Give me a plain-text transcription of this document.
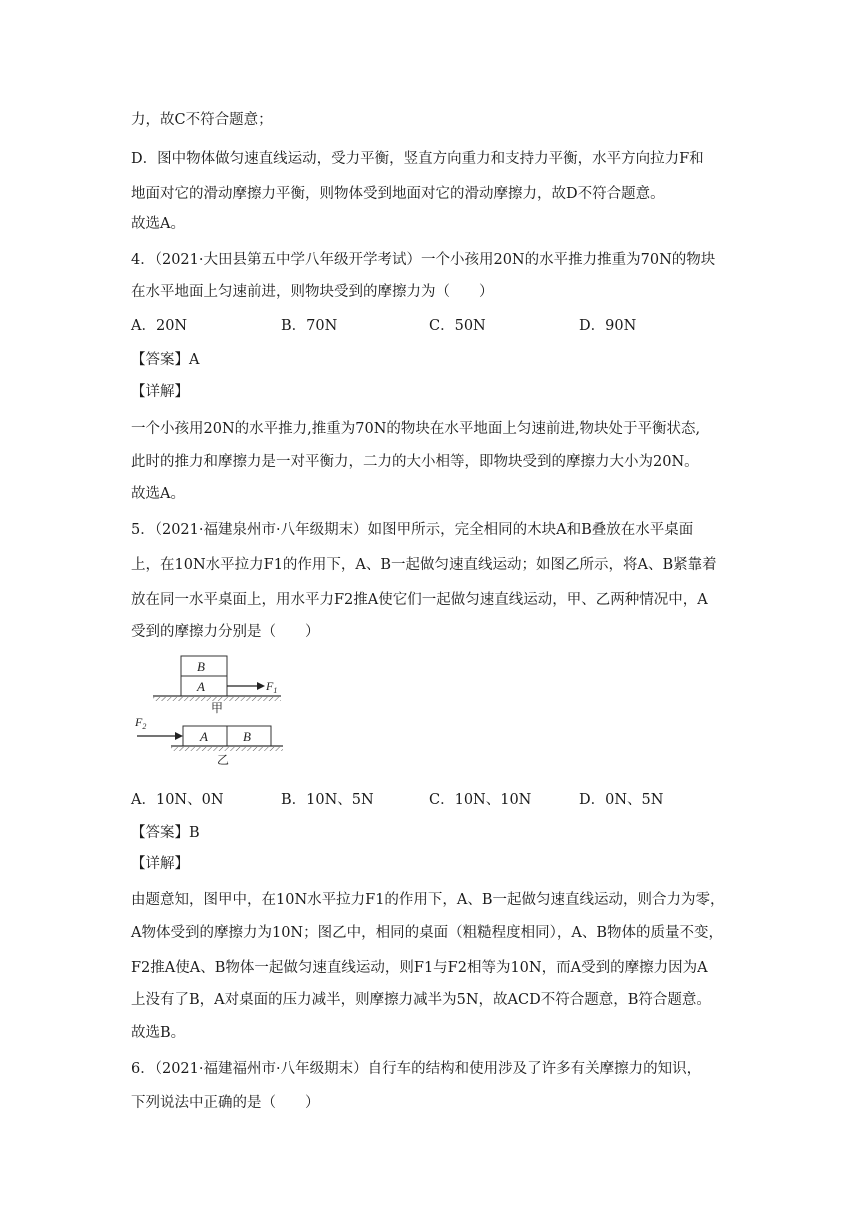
力，故C不符合题意；
D．图中物体做匀速直线运动，受力平衡，竖直方向重力和支持力平衡，水平方向拉力F和
地面对它的滑动摩擦力平衡，则物体受到地面对它的滑动摩擦力，故D不符合题意。
故选A。
4．（2021·大田县第五中学八年级开学考试）一个小孩用20N的水平推力推重为70N的物块
在水平地面上匀速前进，则物块受到的摩擦力为（　　）
A．20N	B．70N	C．50N	D．90N
【答案】A
【详解】
一个小孩用20N的水平推力,推重为70N的物块在水平地面上匀速前进,物块处于平衡状态,
此时的推力和摩擦力是一对平衡力，二力的大小相等，即物块受到的摩擦力大小为20N。
故选A。
5．（2021·福建泉州市·八年级期末）如图甲所示，完全相同的木块A和B叠放在水平桌面
上，在10N水平拉力F1的作用下，A、B一起做匀速直线运动；如图乙所示，将A、B紧靠着
放在同一水平桌面上，用水平力F2推A使它们一起做匀速直线运动，甲、乙两种情况中，A
受到的摩擦力分别是（　　）
B
A	$F_1$
甲
$F_2$
A	B
乙
A．10N、0N	B．10N、5N	C．10N、10N	D．0N、5N
【答案】B
【详解】
由题意知，图甲中，在10N水平拉力F1的作用下，A、B一起做匀速直线运动，则合力为零，
A物体受到的摩擦力为10N；图乙中，相同的桌面（粗糙程度相同），A、B物体的质量不变，
F2推A使A、B物体一起做匀速直线运动，则F1与F2相等为10N，而A受到的摩擦力因为A
上没有了B，A对桌面的压力减半，则摩擦力减半为5N，故ACD不符合题意，B符合题意。
故选B。
6．（2021·福建福州市·八年级期末）自行车的结构和使用涉及了许多有关摩擦力的知识，
下列说法中正确的是（　　）
